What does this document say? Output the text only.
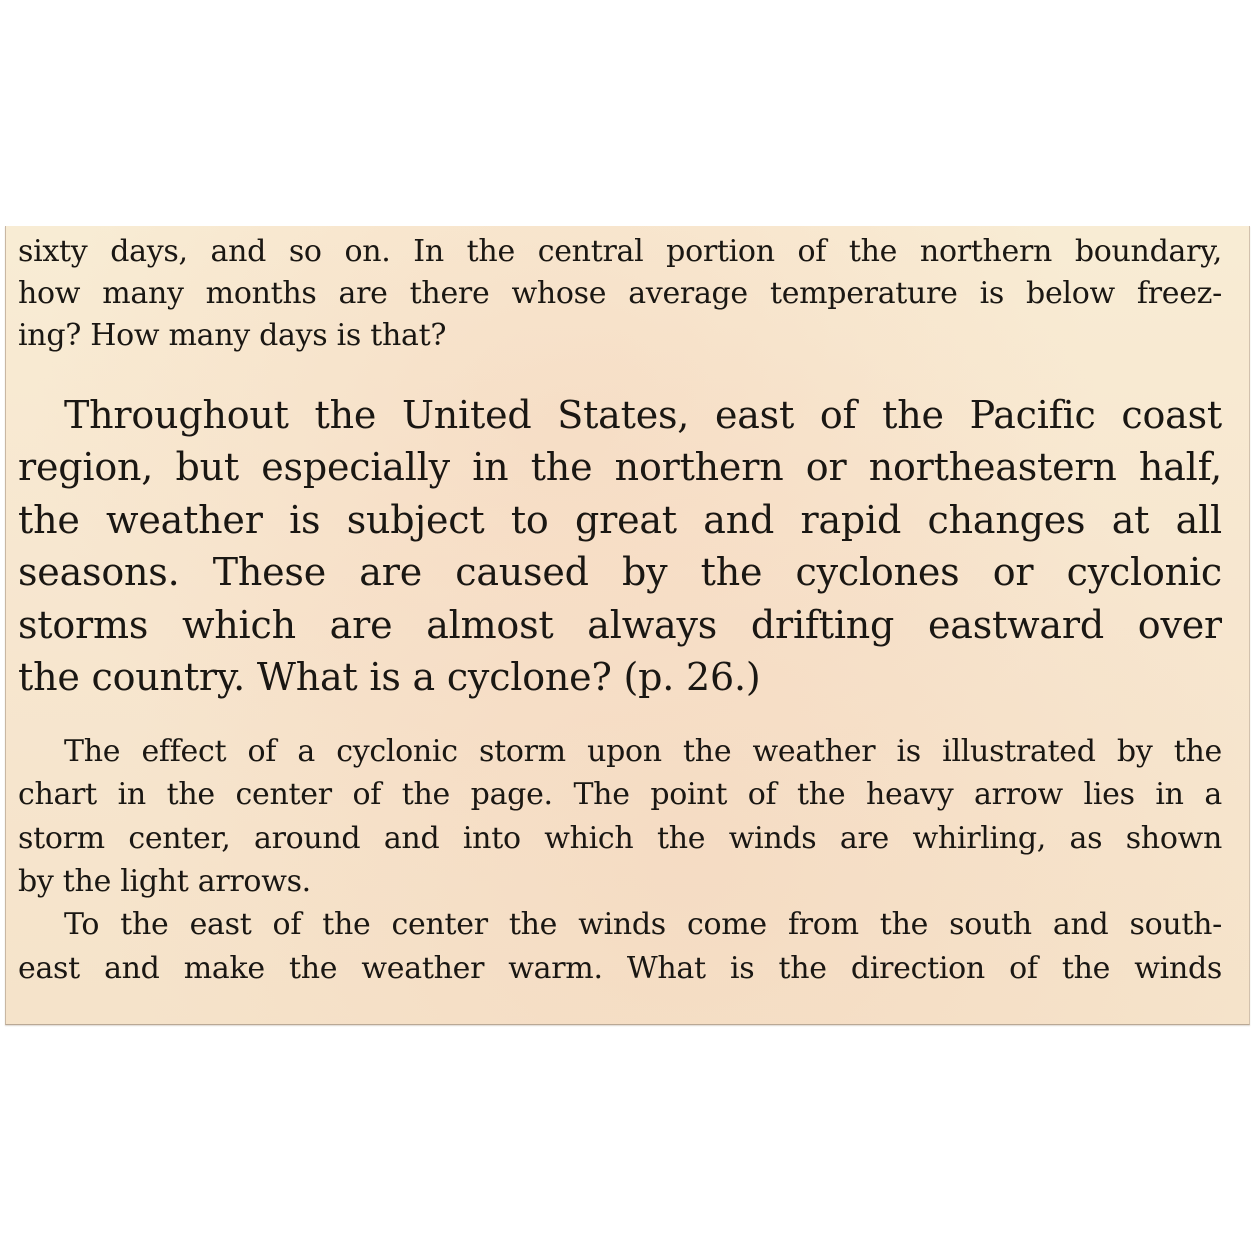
sixty days, and so on. In the central portion of the northern boundary,
how many months are there whose average temperature is below freez-
ing? How many days is that?
Throughout the United States, east of the Pacific coast
region, but especially in the northern or northeastern half,
the weather is subject to great and rapid changes at all
seasons. These are caused by the cyclones or cyclonic
storms which are almost always drifting eastward over
the country. What is a cyclone? (p. 26.)
The effect of a cyclonic storm upon the weather is illustrated by the
chart in the center of the page. The point of the heavy arrow lies in a
storm center, around and into which the winds are whirling, as shown
by the light arrows.
To the east of the center the winds come from the south and south-
east and make the weather warm. What is the direction of the winds
